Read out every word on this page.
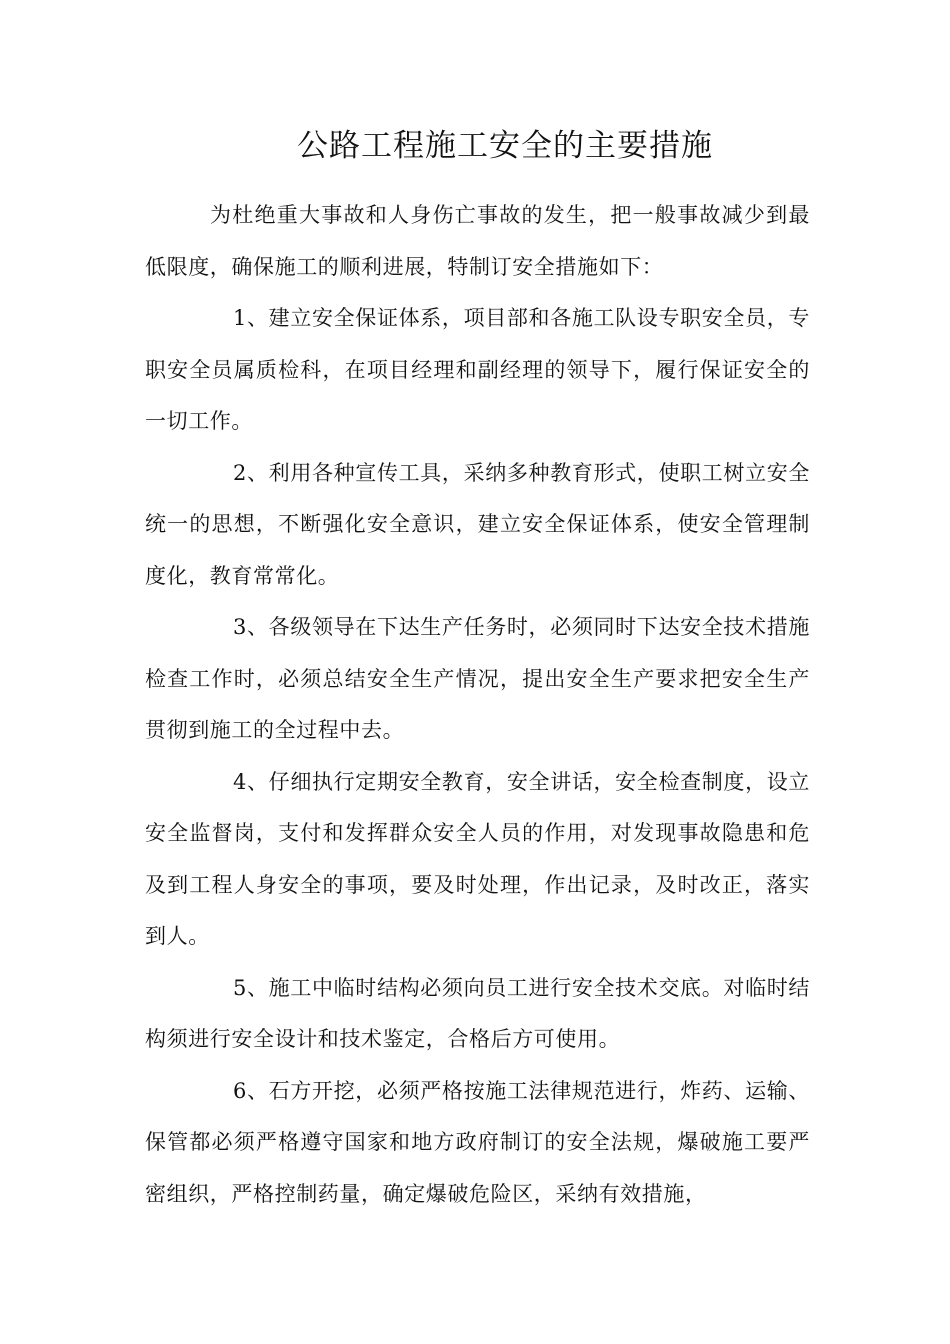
公路工程施工安全的主要措施

为杜绝重大事故和人身伤亡事故的发生，把一般事故减少到最低限度，确保施工的顺利进展，特制订安全措施如下：

1、建立安全保证体系，项目部和各施工队设专职安全员，专职安全员属质检科，在项目经理和副经理的领导下，履行保证安全的一切工作。

2、利用各种宣传工具，采纳多种教育形式，使职工树立安全统一的思想，不断强化安全意识，建立安全保证体系，使安全管理制度化，教育常常化。

3、各级领导在下达生产任务时，必须同时下达安全技术措施检查工作时，必须总结安全生产情况，提出安全生产要求把安全生产贯彻到施工的全过程中去。

4、仔细执行定期安全教育，安全讲话，安全检查制度，设立安全监督岗，支付和发挥群众安全人员的作用，对发现事故隐患和危及到工程人身安全的事项，要及时处理，作出记录，及时改正，落实到人。

5、施工中临时结构必须向员工进行安全技术交底。对临时结构须进行安全设计和技术鉴定，合格后方可使用。

6、石方开挖，必须严格按施工法律规范进行，炸药、运输、保管都必须严格遵守国家和地方政府制订的安全法规，爆破施工要严密组织，严格控制药量，确定爆破危险区，采纳有效措施，
